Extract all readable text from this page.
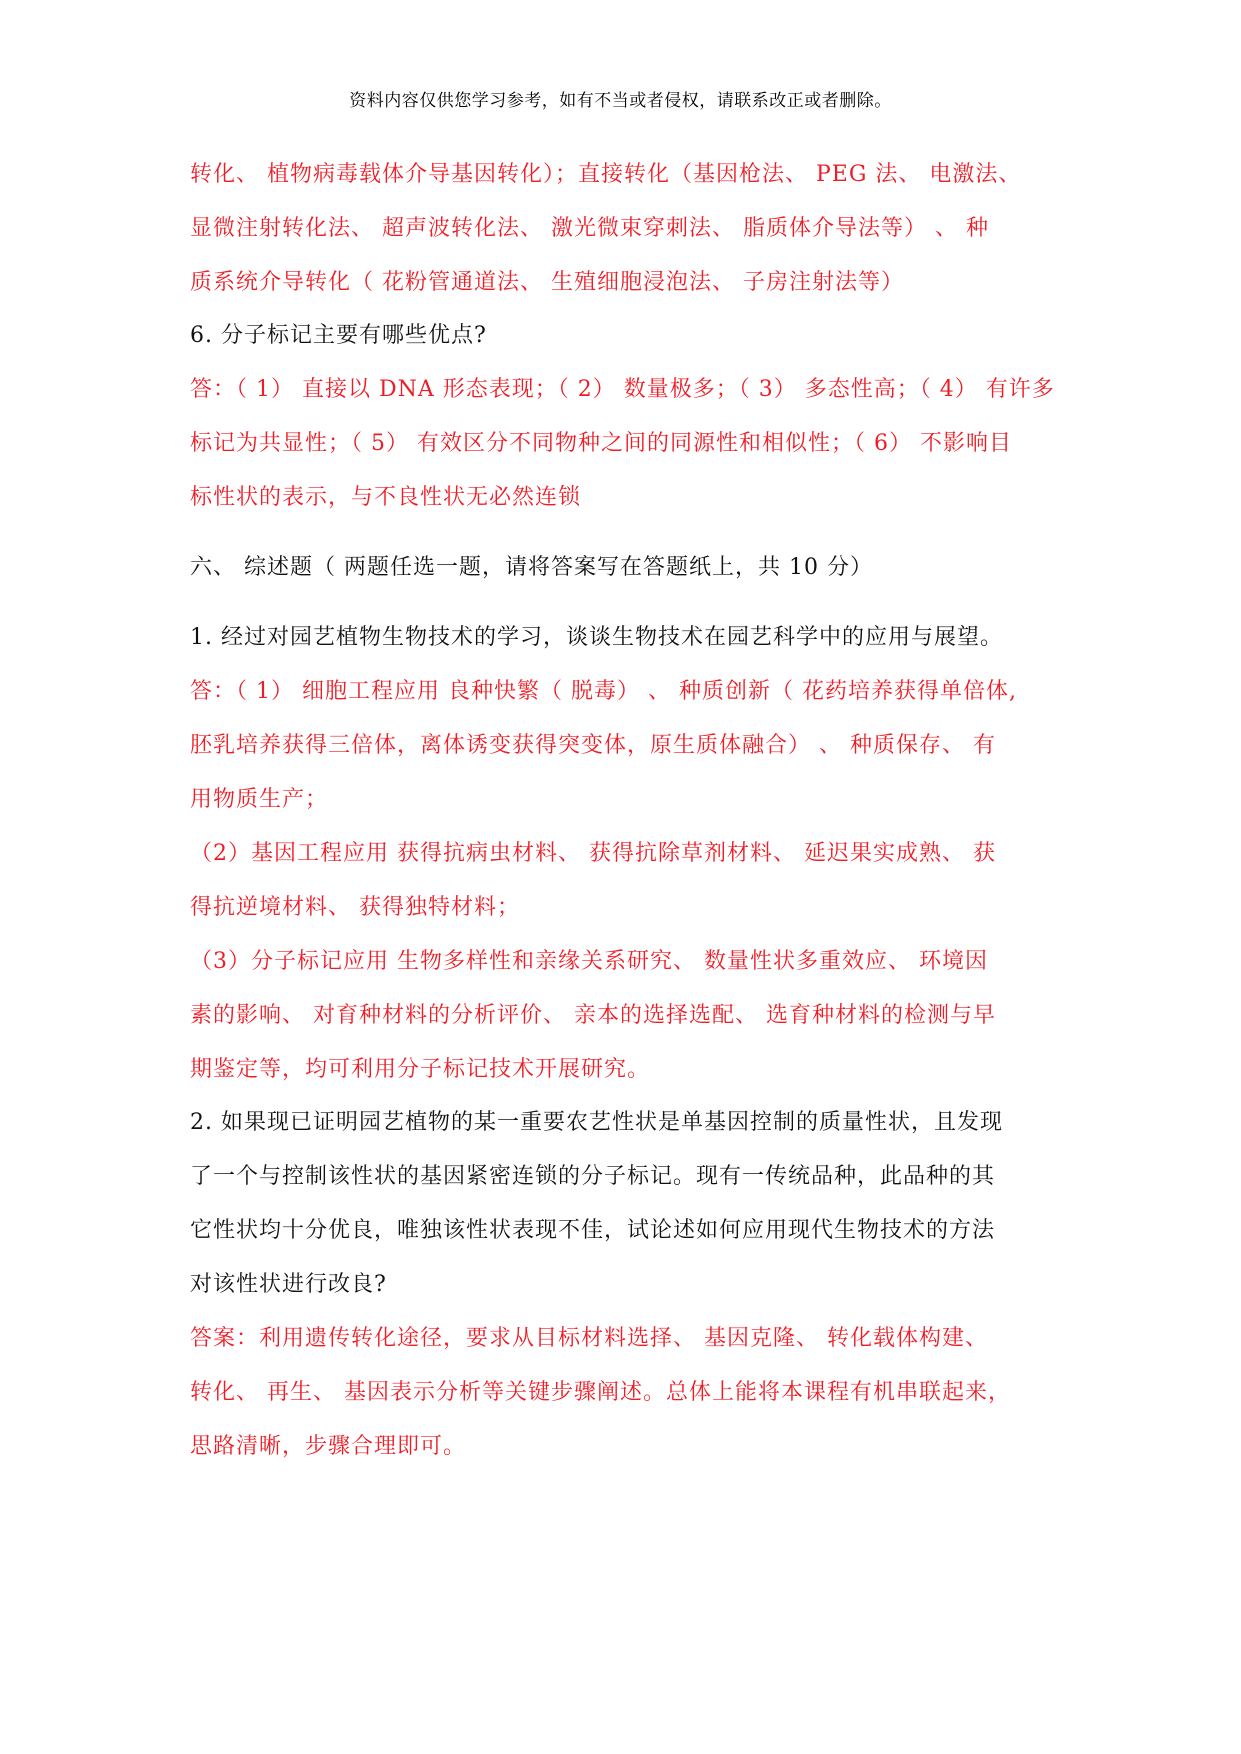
资料内容仅供您学习参考，如有不当或者侵权，请联系改正或者删除。
转化、 植物病毒载体介导基因转化）；直接转化（基因枪法、 PEG 法、 电激法、
显微注射转化法、 超声波转化法、 激光微束穿刺法、 脂质体介导法等） 、 种
质系统介导转化（ 花粉管通道法、 生殖细胞浸泡法、 子房注射法等）
6. 分子标记主要有哪些优点?
答：（ 1） 直接以 DNA 形态表现；（ 2） 数量极多；（ 3） 多态性高；（ 4） 有许多
标记为共显性；（ 5） 有效区分不同物种之间的同源性和相似性；（ 6） 不影响目
标性状的表示，与不良性状无必然连锁
六、 综述题（ 两题任选一题，请将答案写在答题纸上，共 10 分）
1. 经过对园艺植物生物技术的学习，谈谈生物技术在园艺科学中的应用与展望。
答：（ 1） 细胞工程应用 良种快繁（ 脱毒） 、 种质创新（ 花药培养获得单倍体,
胚乳培养获得三倍体，离体诱变获得突变体，原生质体融合） 、 种质保存、 有
用物质生产；
（2）基因工程应用 获得抗病虫材料、 获得抗除草剂材料、 延迟果实成熟、 获
得抗逆境材料、 获得独特材料；
（3）分子标记应用 生物多样性和亲缘关系研究、 数量性状多重效应、 环境因
素的影响、 对育种材料的分析评价、 亲本的选择选配、 选育种材料的检测与早
期鉴定等，均可利用分子标记技术开展研究。
2. 如果现已证明园艺植物的某一重要农艺性状是单基因控制的质量性状，且发现
了一个与控制该性状的基因紧密连锁的分子标记。现有一传统品种，此品种的其
它性状均十分优良，唯独该性状表现不佳，试论述如何应用现代生物技术的方法
对该性状进行改良?
答案：利用遗传转化途径，要求从目标材料选择、 基因克隆、 转化载体构建、
转化、 再生、 基因表示分析等关键步骤阐述。总体上能将本课程有机串联起来，
思路清晰，步骤合理即可。
